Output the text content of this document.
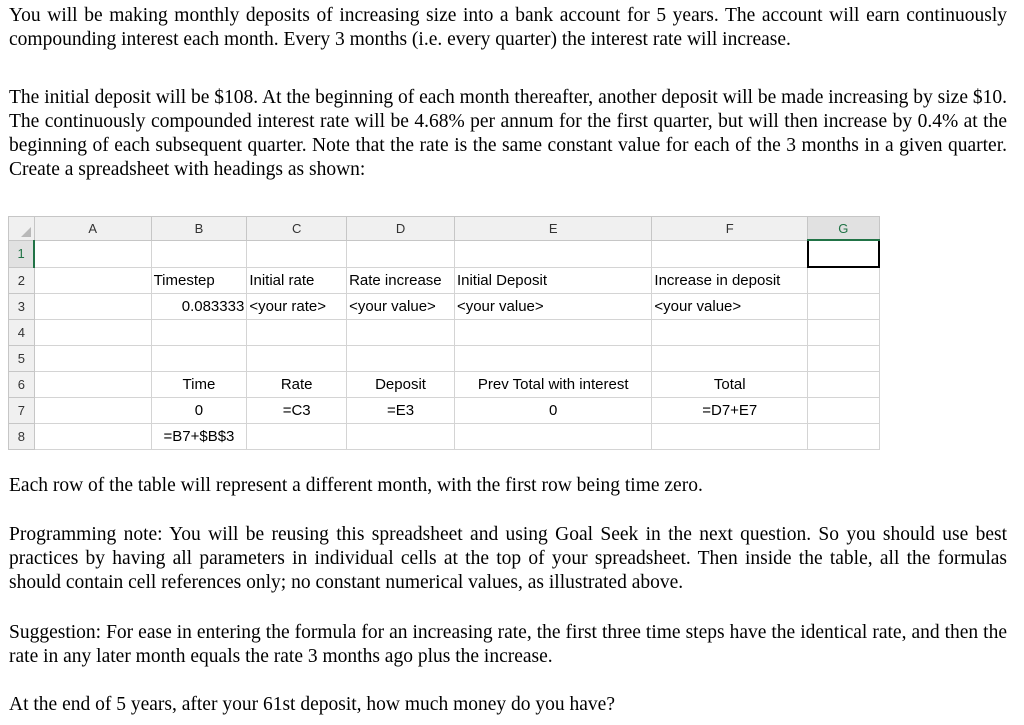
You will be making monthly deposits of increasing size into a bank account for 5 years. The account will earn continuously compounding interest each month. Every 3 months (i.e. every quarter) the interest rate will increase.

The initial deposit will be $108. At the beginning of each month thereafter, another deposit will be made increasing by size $10. The continuously compounded interest rate will be 4.68% per annum for the first quarter, but will then increase by 0.4% at the beginning of each subsequent quarter. Note that the rate is the same constant value for each of the 3 months in a given quarter. Create a spreadsheet with headings as shown:

	A	B	C	D	E	F	G
1							
2		Timestep	Initial rate	Rate increase	Initial Deposit	Increase in deposit	
3		0.083333	<your rate>	<your value>	<your value>	<your value>	
4							
5							
6		Time	Rate	Deposit	Prev Total with interest	Total	
7		0	=C3	=E3	0	=D7+E7	
8		=B7+$B$3					

Each row of the table will represent a different month, with the first row being time zero.

Programming note: You will be reusing this spreadsheet and using Goal Seek in the next question. So you should use best practices by having all parameters in individual cells at the top of your spreadsheet. Then inside the table, all the formulas should contain cell references only; no constant numerical values, as illustrated above.

Suggestion: For ease in entering the formula for an increasing rate, the first three time steps have the identical rate, and then the rate in any later month equals the rate 3 months ago plus the increase.

At the end of 5 years, after your 61st deposit, how much money do you have?
